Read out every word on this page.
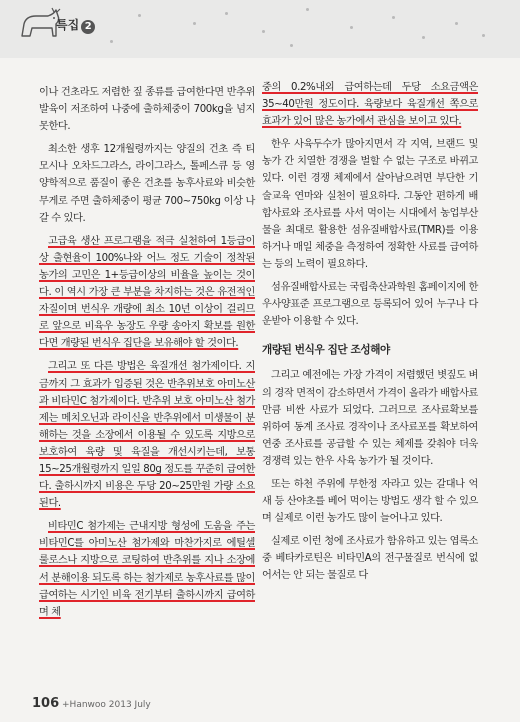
특집 2

이나 건초라도 저렴한 짚 종류를 급여한다면 반추위 발육이 저조하여 나중에 출하체중이 700kg을 넘지 못한다.

최소한 생후 12개월령까지는 양질의 건초 즉 티모시나 오차드그라스, 라이그라스, 톨페스큐 등 영양학적으로 품질이 좋은 건초를 농후사료와 비슷한 무게로 주면 출하체중이 평균 700~750kg 이상 나갈 수 있다.

고급육 생산 프로그램을 적극 실천하여 1등급이상 출현율이 100%나와 어느 정도 기술이 정착된 농가의 고민은 1+등급이상의 비율을 높이는 것이다. 이 역시 가장 큰 부분을 차지하는 것은 유전적인 자질이며 번식우 개량에 최소 10년 이상이 걸리므로 앞으로 비육우 농장도 우량 송아지 확보를 원한다면 개량된 번식우 집단을 보유해야 할 것이다.

그리고 또 다른 방법은 육질개선 첨가제이다. 지금까지 그 효과가 입증된 것은 반추위보호 아미노산과 비타민C 첨가제이다. 반추위 보호 아미노산 첨가제는 메치오닌과 라이신을 반추위에서 미생물이 분해하는 것을 소장에서 이용될 수 있도록 지방으로 보호하여 육량 및 육질을 개선시키는데, 보통 15~25개월령까지 일일 80g 정도를 꾸준히 급여한다. 출하시까지 비용은 두당 20~25만원 가량 소요된다.

비타민C 첨가제는 근내지방 형성에 도움을 주는 비타민C를 아미노산 첨가제와 마찬가지로 에틸셀룰로스나 지방으로 코팅하여 반추위를 지나 소장에서 분해이용 되도록 하는 첨가제로 농후사료를 많이 급여하는 시기인 비육 전기부터 출하시까지 급여하며 체

중의 0.2%내외 급여하는데 두당 소요금액은 35~40만원 정도이다. 육량보다 육질개선 쪽으로 효과가 있어 많은 농가에서 관심을 보이고 있다.

한우 사육두수가 많아지면서 각 지역, 브랜드 및 농가 간 치열한 경쟁을 벌할 수 없는 구조로 바뀌고 있다. 이런 경쟁 체제에서 살아남으려면 부단한 기술교육 연마와 실천이 필요하다. 그동안 편하게 배합사료와 조사료를 사서 먹이는 시대에서 농업부산물을 최대로 활용한 섬유질배합사료(TMR)를 이용하거나 매일 체중을 측정하여 정확한 사료를 급여하는 등의 노력이 필요하다.

섬유질배합사료는 국립축산과학원 홈페이지에 한우사양표준 프로그램으로 등록되어 있어 누구나 다운받아 이용할 수 있다.

개량된 번식우 집단 조성해야

그리고 예전에는 가장 가격이 저렴했던 볏짚도 벼의 경작 면적이 감소하면서 가격이 올라가 배합사료만큼 비싼 사료가 되었다. 그러므로 조사료확보를 위하여 동계 조사료 경작이나 조사료포를 확보하여 연중 조사료를 공급할 수 있는 체제를 갖춰야 더욱 경쟁력 있는 한우 사육 농가가 될 것이다.

또는 하천 주위에 무한정 자라고 있는 갈대나 억새 등 산야초를 베어 먹이는 방법도 생각 할 수 있으며 실제로 이런 농가도 많이 늘어나고 있다.

실제로 이런 청에 조사료가 함유하고 있는 엽록소 중 베타카로틴은 비타민A의 전구물질로 번식에 없어서는 안 되는 물질로 다

106 +Hanwoo 2013 July
